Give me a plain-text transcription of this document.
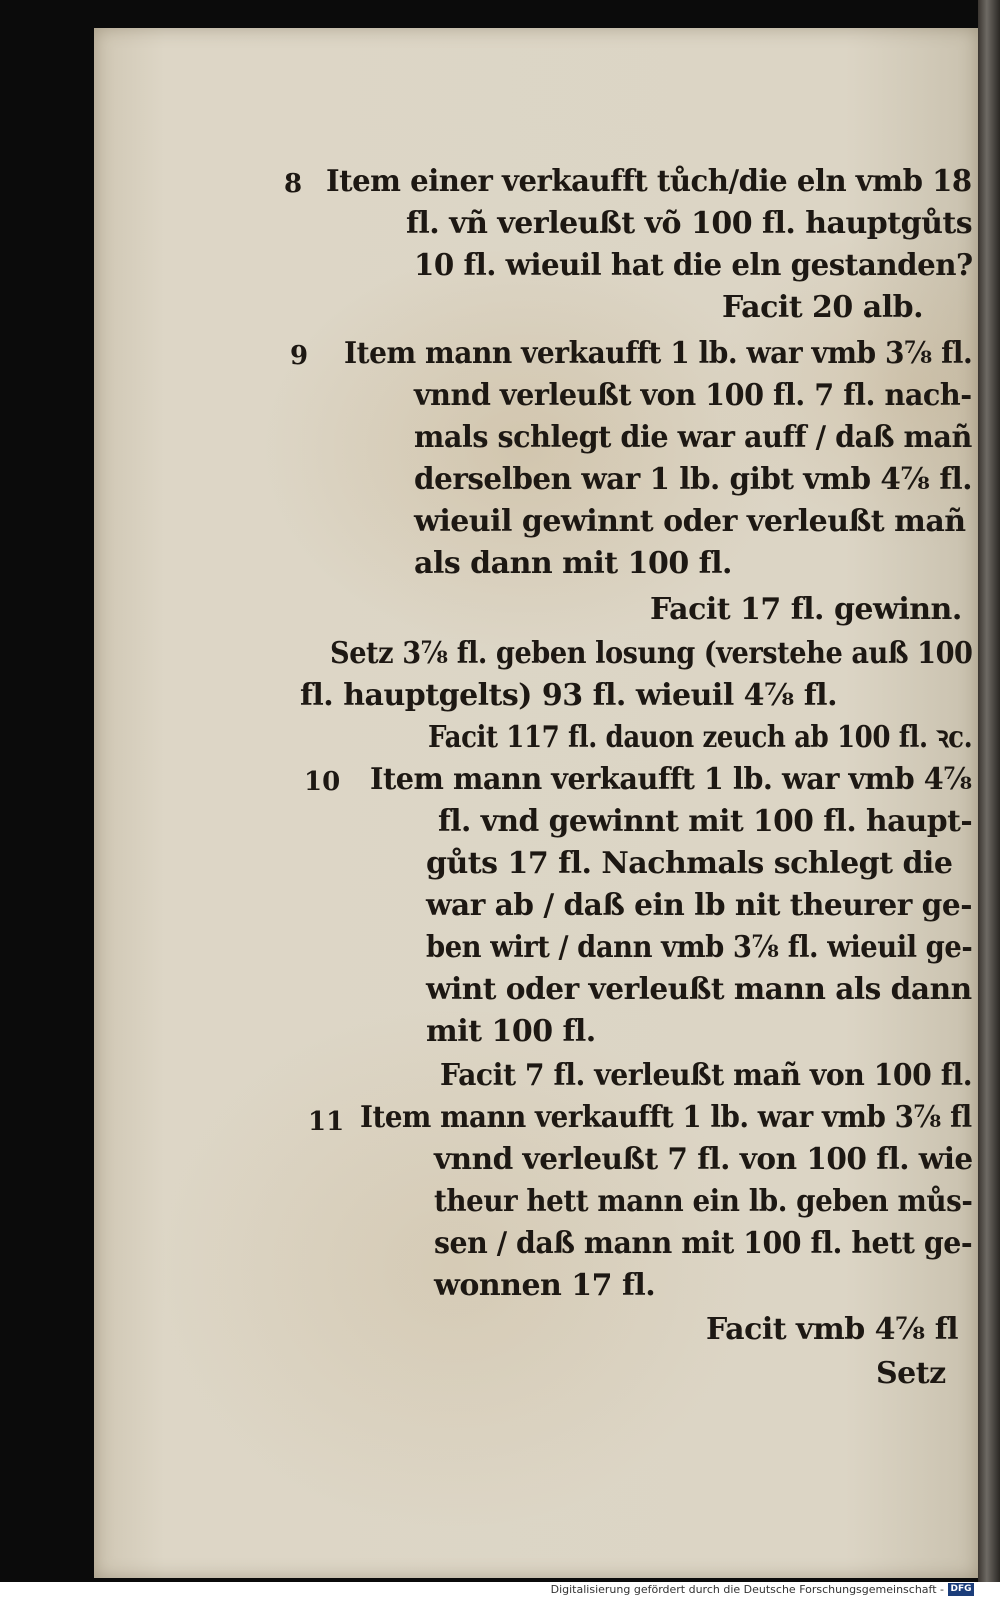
8 Item einer verkaufft tůch/die eln vmb 18
fl. vñ verleußt võ 100 fl. hauptgůts
10 fl. wieuil hat die eln gestanden?
Facit 20 alb.
9 Item mann verkaufft 1 lb. war vmb 3⁷⁄₈ fl.
vnnd verleußt von 100 fl. 7 fl. nach-
mals schlegt die war auff / daß mañ
derselben war 1 lb. gibt vmb 4⁷⁄₈ fl.
wieuil gewinnt oder verleußt mañ
als dann mit 100 fl.
Facit 17 fl. gewinn.
Setz 3⁷⁄₈ fl. geben losung (verstehe auß 100
fl. hauptgelts) 93 fl. wieuil 4⁷⁄₈ fl.
Facit 117 fl. dauon zeuch ab 100 fl. ꝛc.
10 Item mann verkaufft 1 lb. war vmb 4⁷⁄₈
fl. vnd gewinnt mit 100 fl. haupt-
gůts 17 fl. Nachmals schlegt die
war ab / daß ein lb nit theurer ge-
ben wirt / dann vmb 3⁷⁄₈ fl. wieuil ge-
wint oder verleußt mann als dann
mit 100 fl.
Facit 7 fl. verleußt mañ von 100 fl.
11 Item mann verkaufft 1 lb. war vmb 3⁷⁄₈ fl
vnnd verleußt 7 fl. von 100 fl. wie
theur hett mann ein lb. geben můs-
sen / daß mann mit 100 fl. hett ge-
wonnen 17 fl.
Facit vmb 4⁷⁄₈ fl
Setz
Digitalisierung gefördert durch die Deutsche Forschungsgemeinschaft - DFG
